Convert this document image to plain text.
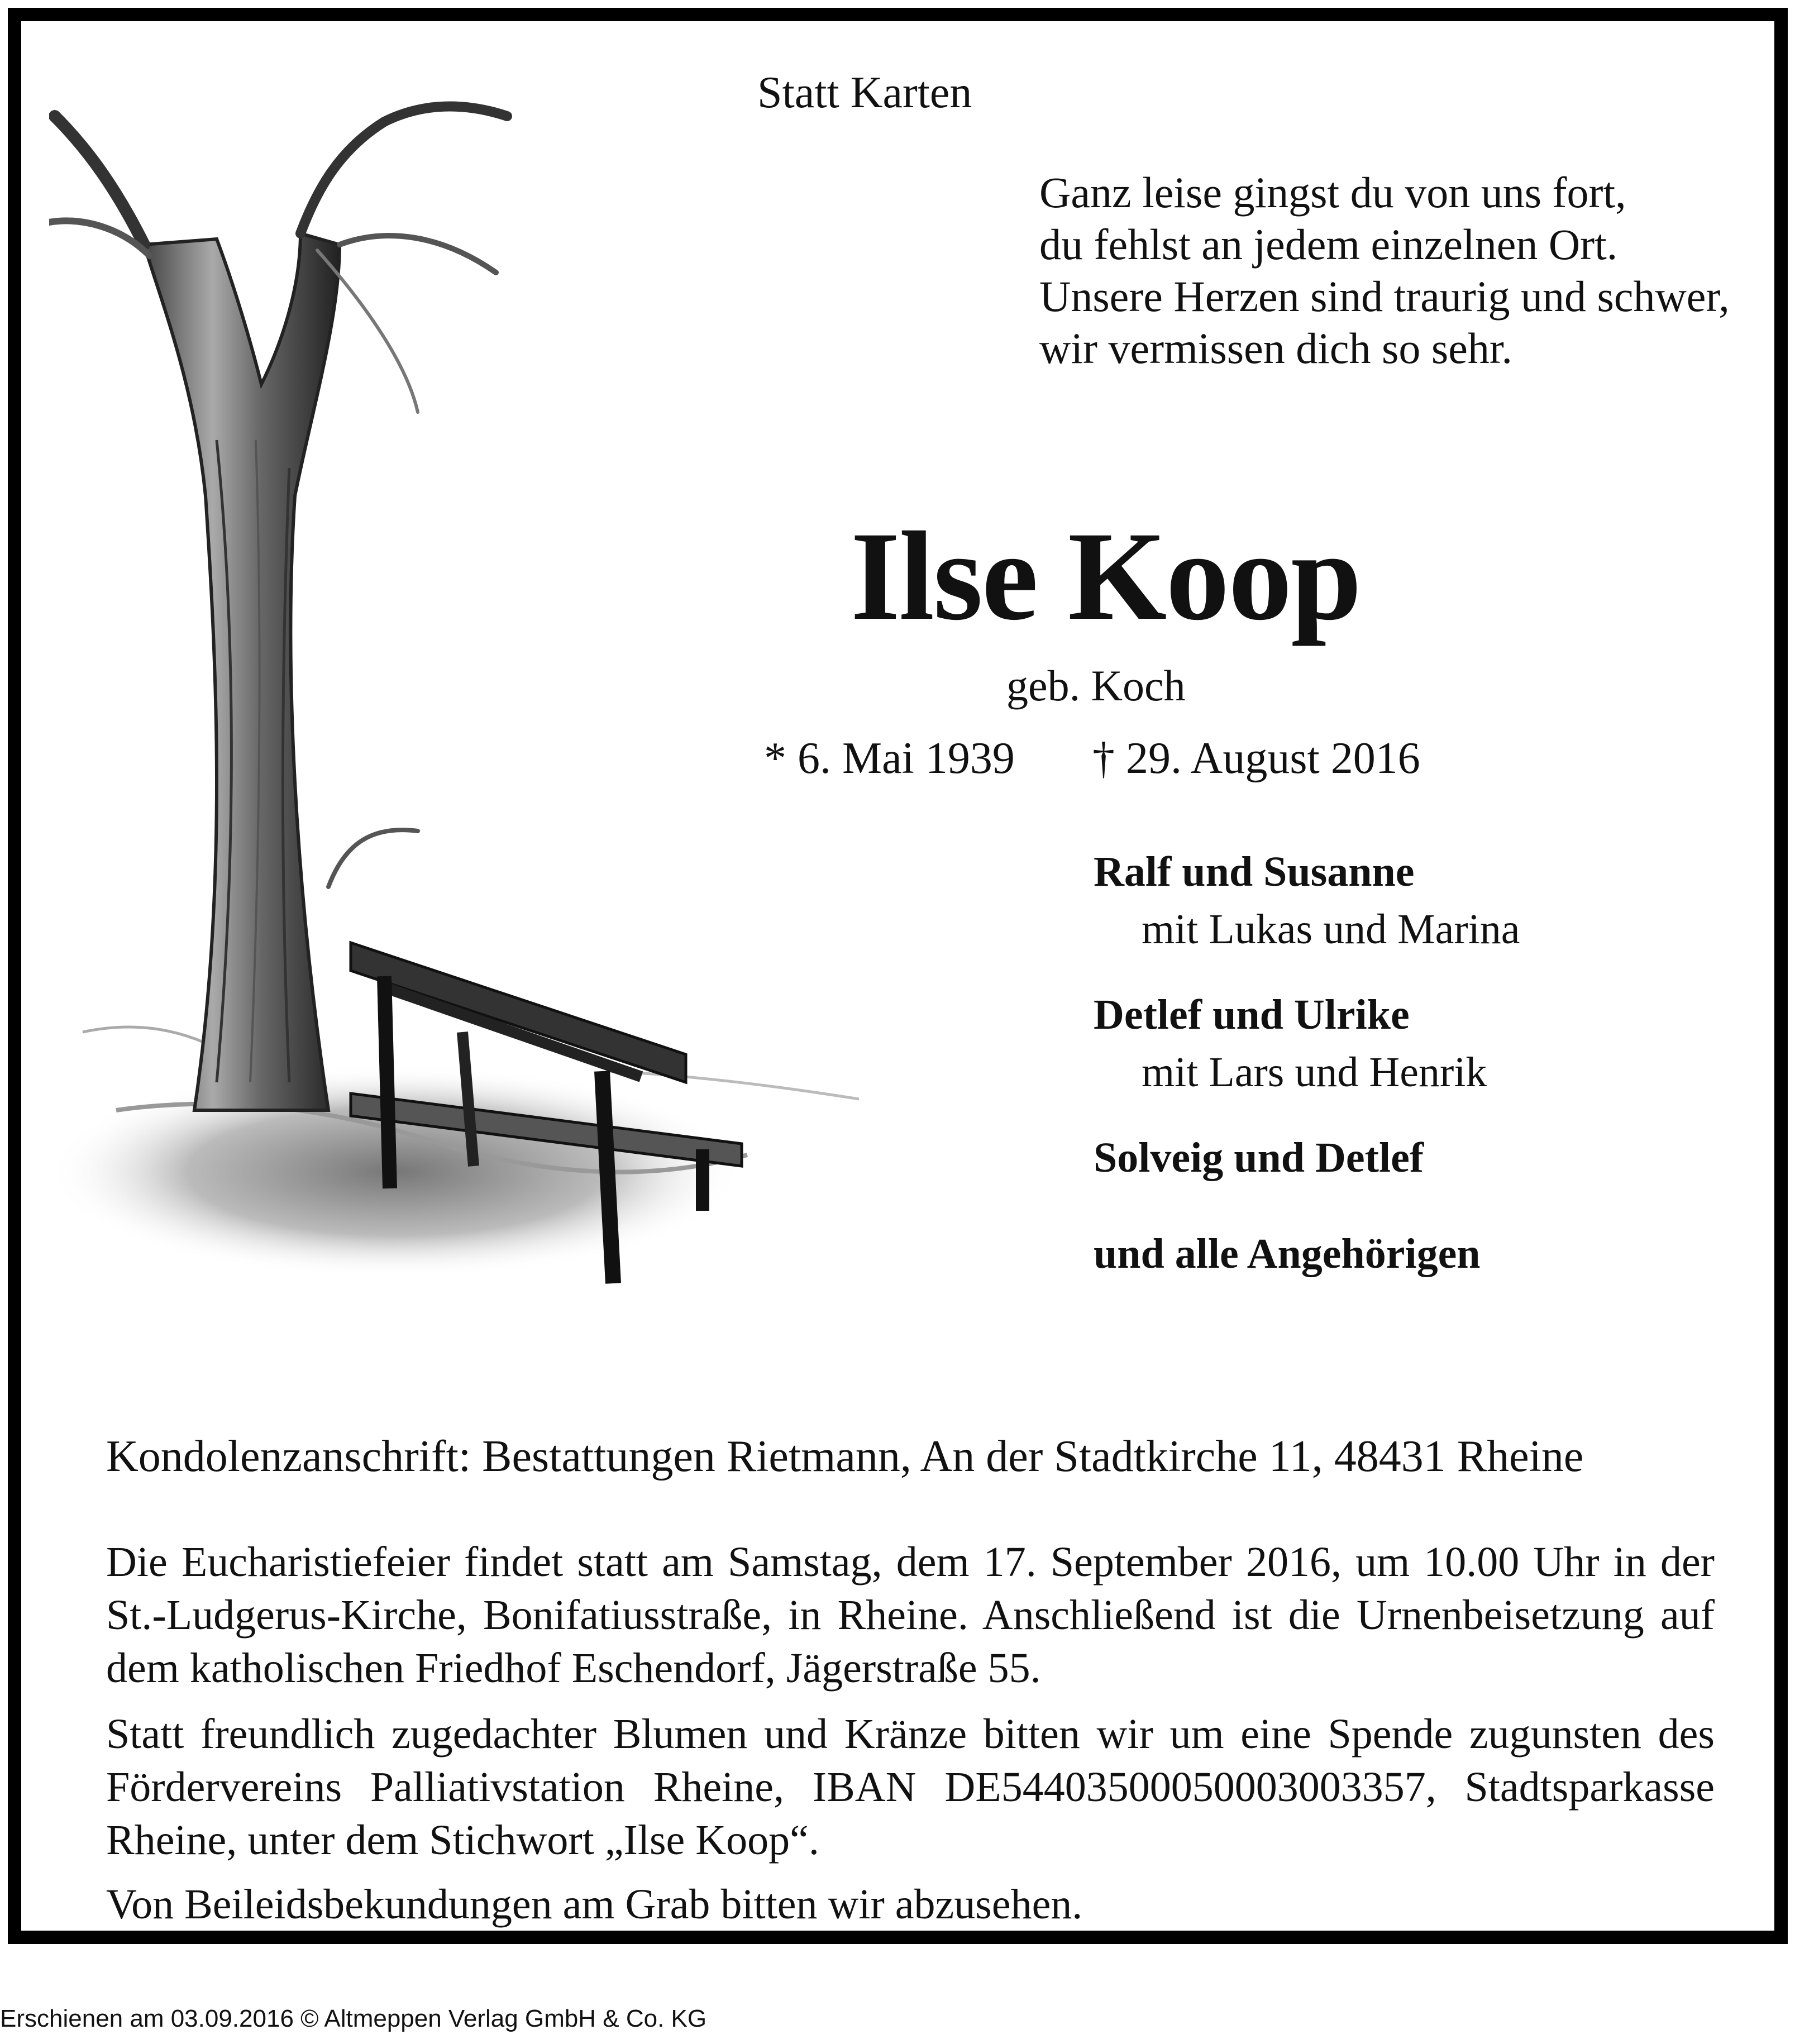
Statt Karten
Ganz leise gingst du von uns fort,
du fehlst an jedem einzelnen Ort.
Unsere Herzen sind traurig und schwer,
wir vermissen dich so sehr.
Ilse Koop
geb. Koch
* 6. Mai 1939 † 29. August 2016
Ralf und Susanne
mit Lukas und Marina
Detlef und Ulrike
mit Lars und Henrik
Solveig und Detlef
und alle Angehörigen
Kondolenzanschrift: Bestattungen Rietmann, An der Stadtkirche 11, 48431 Rheine
Die Eucharistiefeier findet statt am Samstag, dem 17. September 2016, um 10.00 Uhr in der St.-Ludgerus-Kirche, Bonifatiusstraße, in Rheine. Anschließend ist die Urnenbeisetzung auf dem katholischen Friedhof Eschendorf, Jägerstraße 55.
Statt freundlich zugedachter Blumen und Kränze bitten wir um eine Spende zugunsten des Fördervereins Palliativstation Rheine, IBAN DE54403500050003003357, Stadtsparkasse Rheine, unter dem Stichwort „Ilse Koop“.
Von Beileidsbekundungen am Grab bitten wir abzusehen.
Erschienen am 03.09.2016 © Altmeppen Verlag GmbH & Co. KG
